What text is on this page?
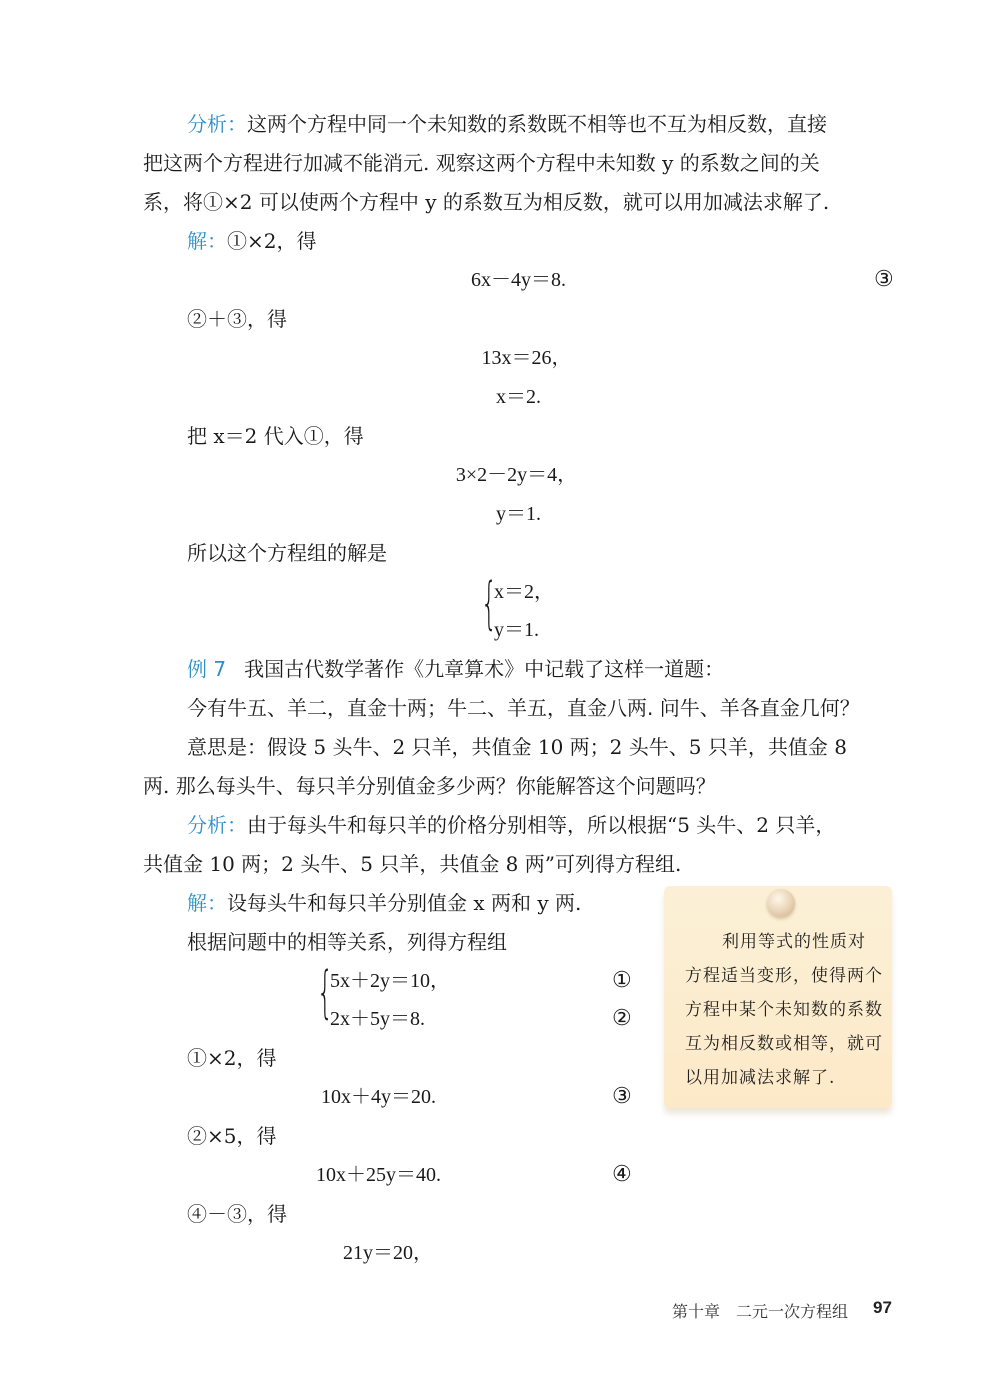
分析：这两个方程中同一个未知数的系数既不相等也不互为相反数，直接
把这两个方程进行加减不能消元. 观察这两个方程中未知数 y 的系数之间的关
系，将①×2 可以使两个方程中 y 的系数互为相反数，就可以用加减法求解了.
解：①×2，得
6x－4y＝8.	③
②＋③，得
13x＝26，
x＝2.
把 x＝2 代入①，得
3×2－2y＝4，
y＝1.
所以这个方程组的解是
{
x＝2，
y＝1.
例 7 我国古代数学著作《九章算术》中记载了这样一道题：
今有牛五、羊二，直金十两；牛二、羊五，直金八两. 问牛、羊各直金几何？
意思是：假设 5 头牛、2 只羊，共值金 10 两；2 头牛、5 只羊，共值金 8
两. 那么每头牛、每只羊分别值金多少两？你能解答这个问题吗？
分析：由于每头牛和每只羊的价格分别相等，所以根据“5 头牛、2 只羊，
共值金 10 两；2 头牛、5 只羊，共值金 8 两”可列得方程组.
解：设每头牛和每只羊分别值金 x 两和 y 两.
根据问题中的相等关系，列得方程组
{
5x＋2y＝10，	①
2x＋5y＝8.	②
①×2，得
10x＋4y＝20.	③
②×5，得
10x＋25y＝40.	④
④－③，得
21y＝20，
利用等式的性质对
方程适当变形，使得两个
方程中某个未知数的系数
互为相反数或相等，就可
以用加减法求解了.
第十章　二元一次方程组 97
